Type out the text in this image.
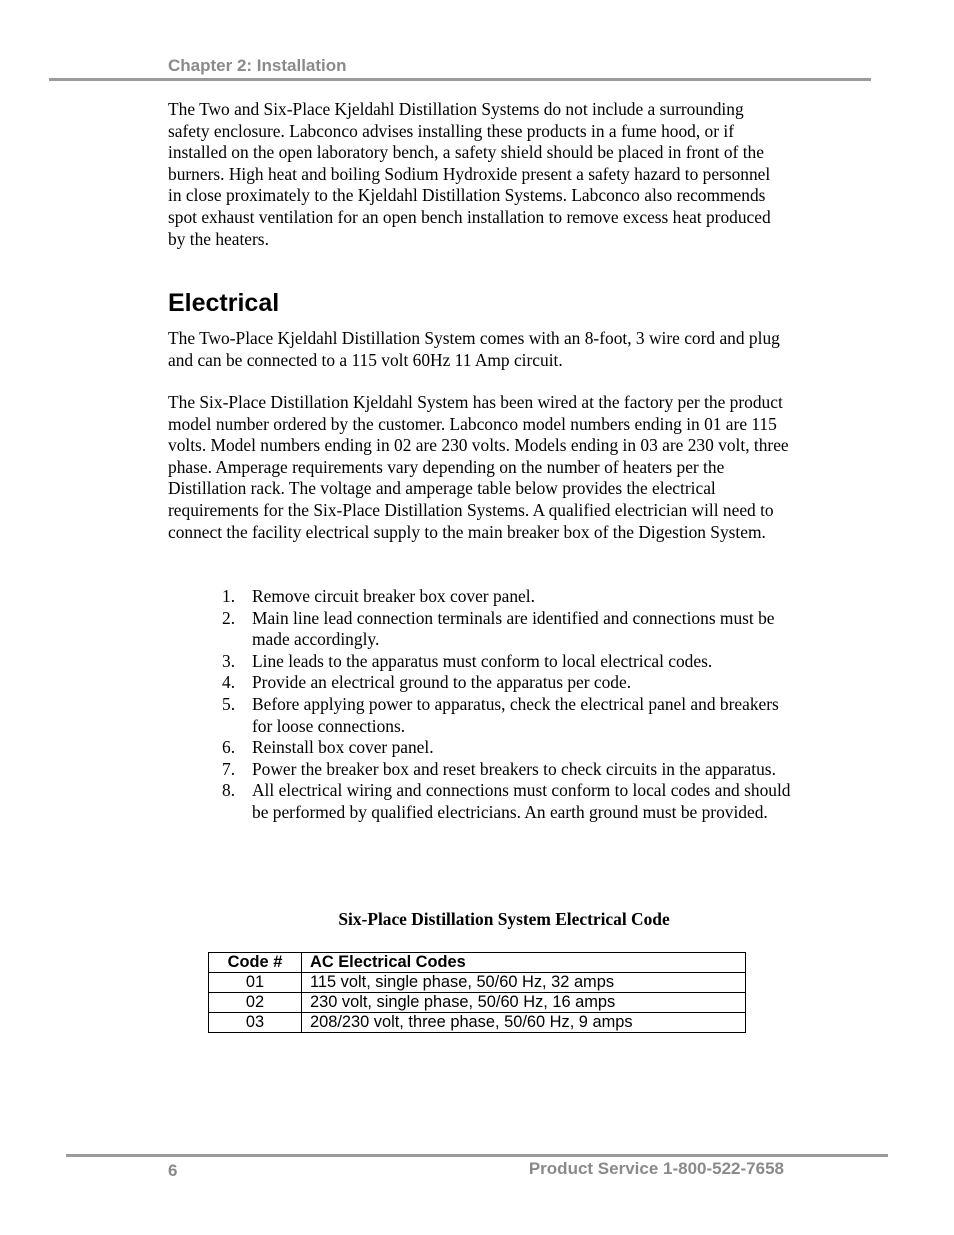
Chapter 2: Installation

The Two and Six-Place Kjeldahl Distillation Systems do not include a surrounding safety enclosure. Labconco advises installing these products in a fume hood, or if installed on the open laboratory bench, a safety shield should be placed in front of the burners. High heat and boiling Sodium Hydroxide present a safety hazard to personnel in close proximately to the Kjeldahl Distillation Systems. Labconco also recommends spot exhaust ventilation for an open bench installation to remove excess heat produced by the heaters.

Electrical

The Two-Place Kjeldahl Distillation System comes with an 8-foot, 3 wire cord and plug and can be connected to a 115 volt 60Hz 11 Amp circuit.

The Six-Place Distillation Kjeldahl System has been wired at the factory per the product model number ordered by the customer. Labconco model numbers ending in 01 are 115 volts. Model numbers ending in 02 are 230 volts. Models ending in 03 are 230 volt, three phase. Amperage requirements vary depending on the number of heaters per the Distillation rack. The voltage and amperage table below provides the electrical requirements for the Six-Place Distillation Systems. A qualified electrician will need to connect the facility electrical supply to the main breaker box of the Digestion System.

1. Remove circuit breaker box cover panel.
2. Main line lead connection terminals are identified and connections must be made accordingly.
3. Line leads to the apparatus must conform to local electrical codes.
4. Provide an electrical ground to the apparatus per code.
5. Before applying power to apparatus, check the electrical panel and breakers for loose connections.
6. Reinstall box cover panel.
7. Power the breaker box and reset breakers to check circuits in the apparatus.
8. All electrical wiring and connections must conform to local codes and should be performed by qualified electricians. An earth ground must be provided.
Six-Place Distillation System Electrical Code
Code #	AC Electrical Codes
01	115 volt, single phase, 50/60 Hz, 32 amps
02	230 volt, single phase, 50/60 Hz, 16 amps
03	208/230 volt, three phase, 50/60 Hz, 9 amps
6	Product Service 1-800-522-7658
